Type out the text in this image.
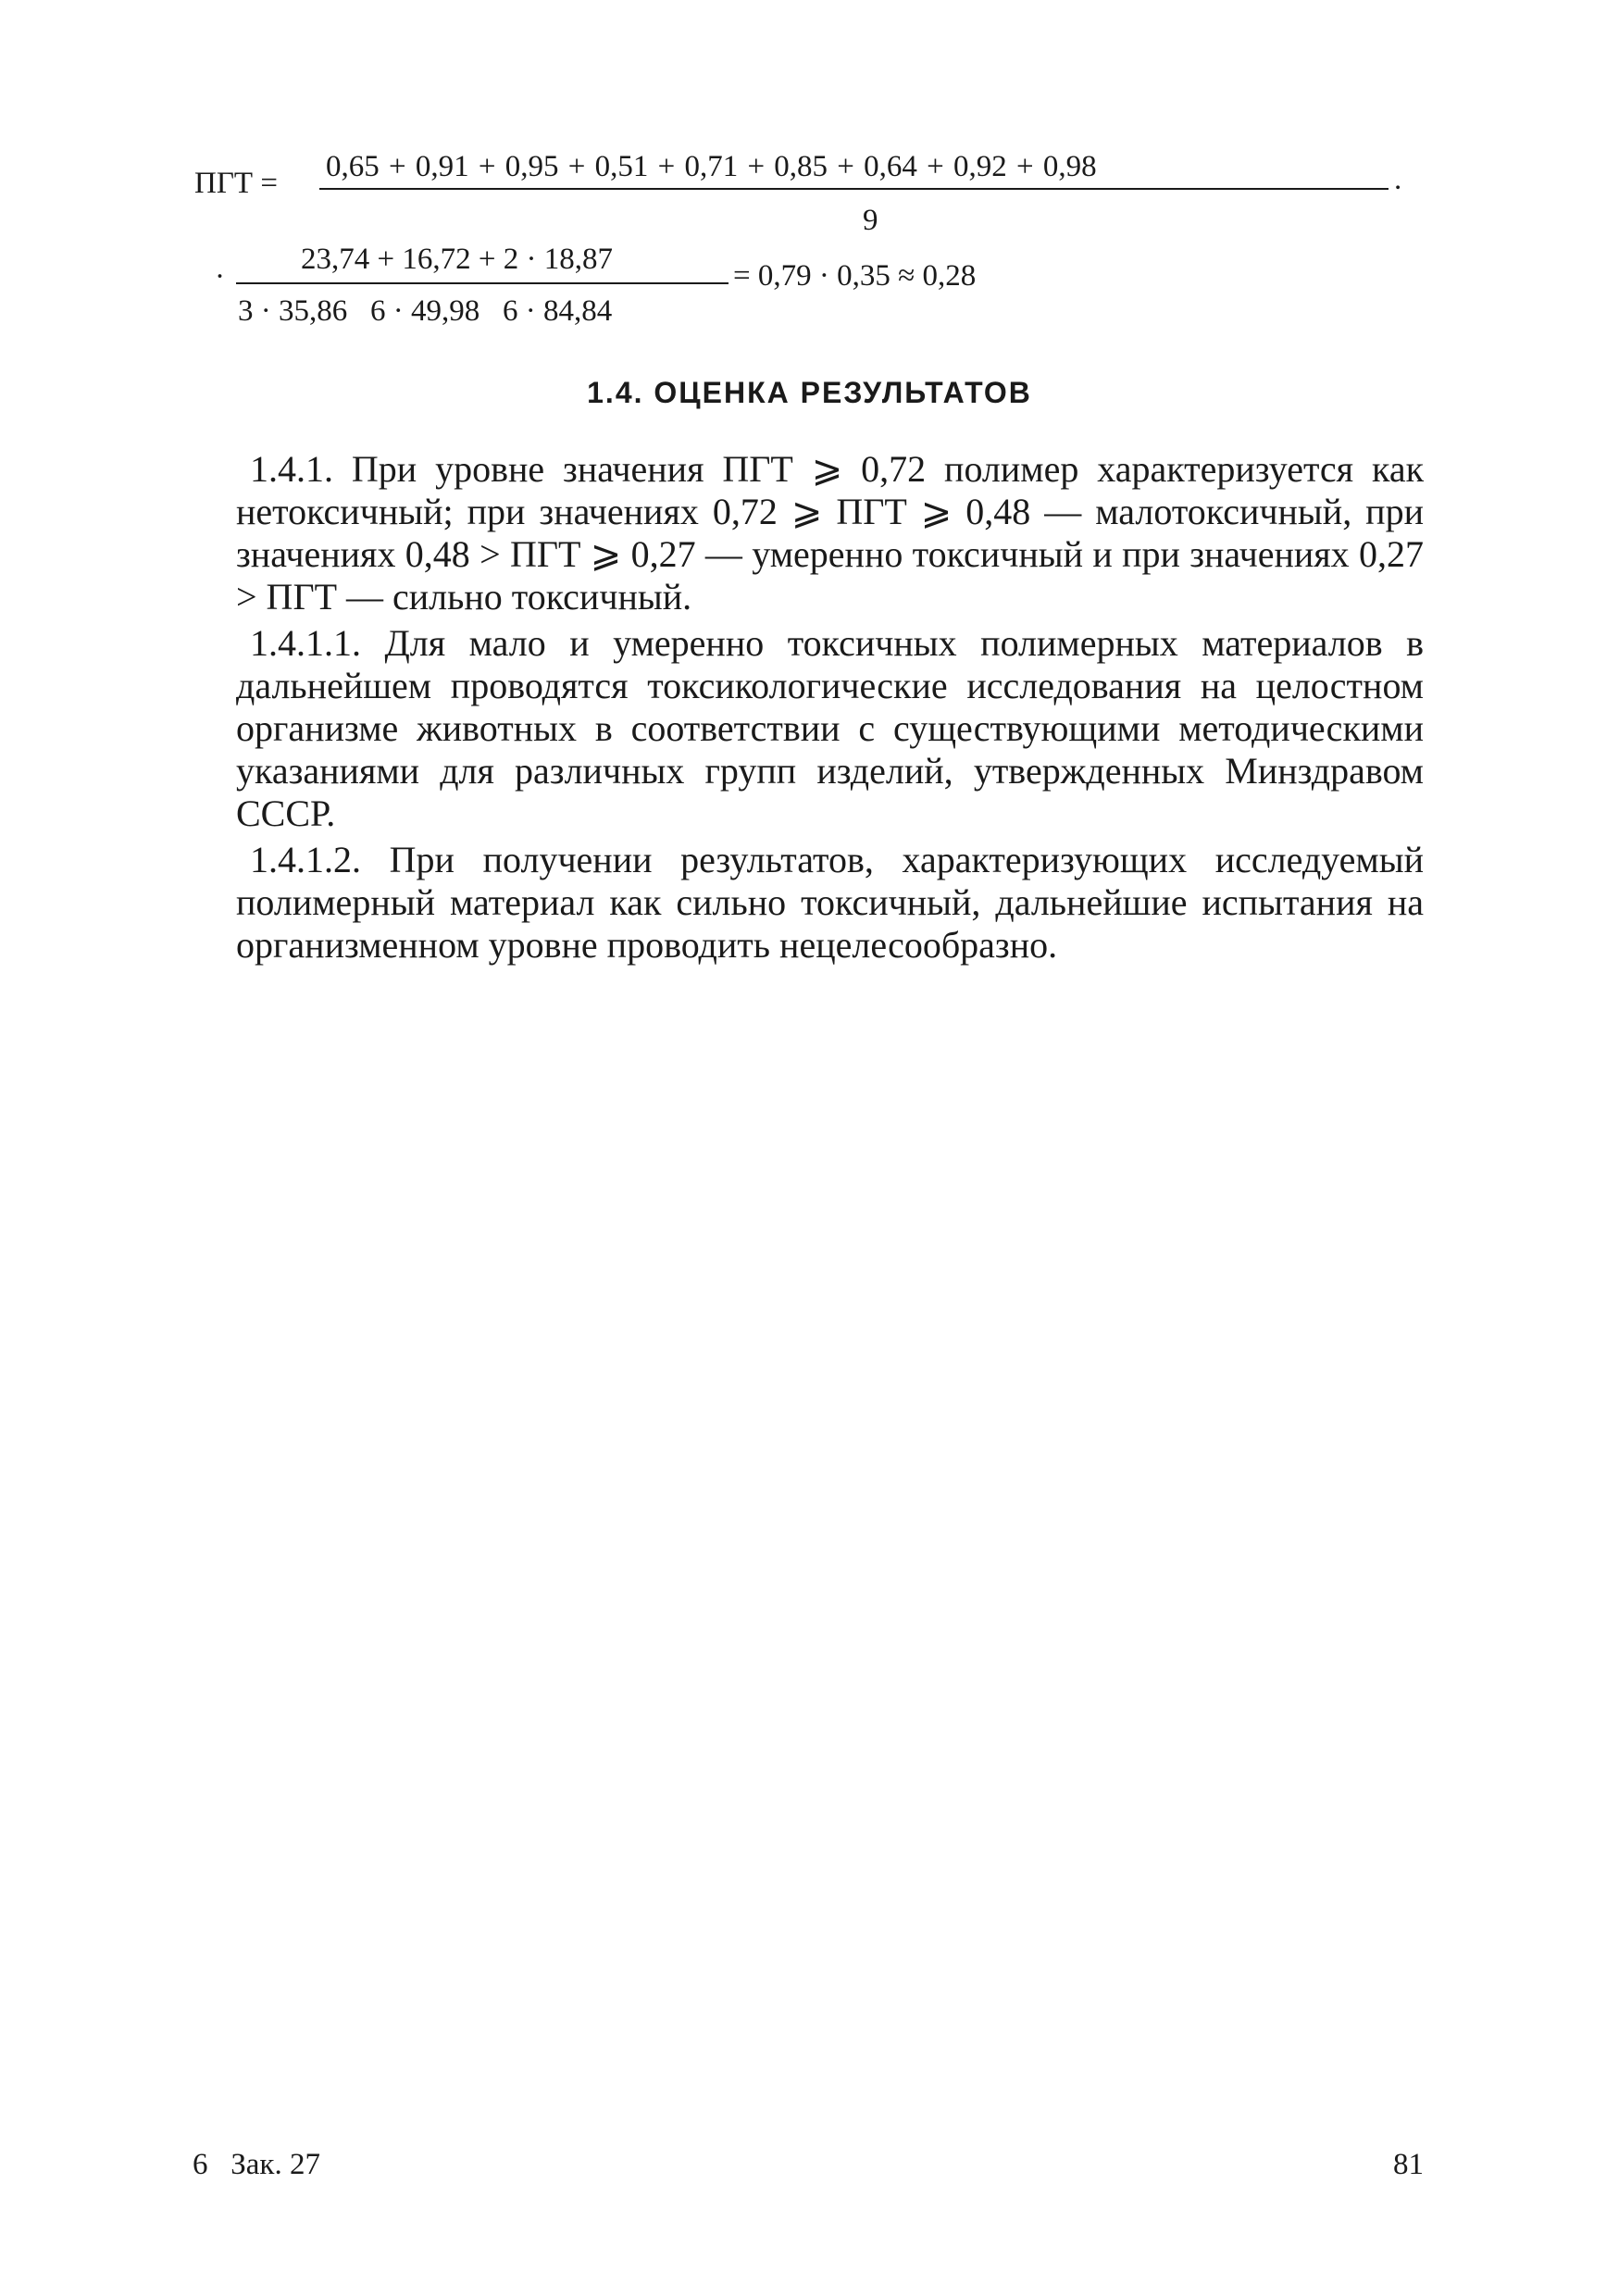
ПГТ = 0,65 + 0,91 + 0,95 + 0,51 + 0,71 + 0,85 + 0,64 + 0,92 + 0,98	.
9
·
23,74 + 16,72 + 2 · 18,87
3 · 35,86   6 · 49,98   6 · 84,84
= 0,79 · 0,35 ≈ 0,28
1.4. ОЦЕНКА РЕЗУЛЬТАТОВ

1.4.1. При уровне значения ПГТ ⩾ 0,72 полимер характеризуется как нетоксичный; при значениях 0,72 ⩾ ПГТ ⩾ 0,48 — малотоксичный, при значениях 0,48 > ПГТ ⩾ 0,27 — умеренно токсичный и при значениях 0,27 > ПГТ — сильно токсичный.

1.4.1.1. Для мало и умеренно токсичных полимерных материалов в дальнейшем проводятся токсикологические исследования на целостном организме животных в соответствии с существующими методическими указаниями для различных групп изделий, утвержденных Минздравом СССР.

1.4.1.2. При получении результатов, характеризующих исследуемый полимерный материал как сильно токсичный, дальнейшие испытания на организменном уровне проводить нецелесообразно.

6   Зак. 27	81
